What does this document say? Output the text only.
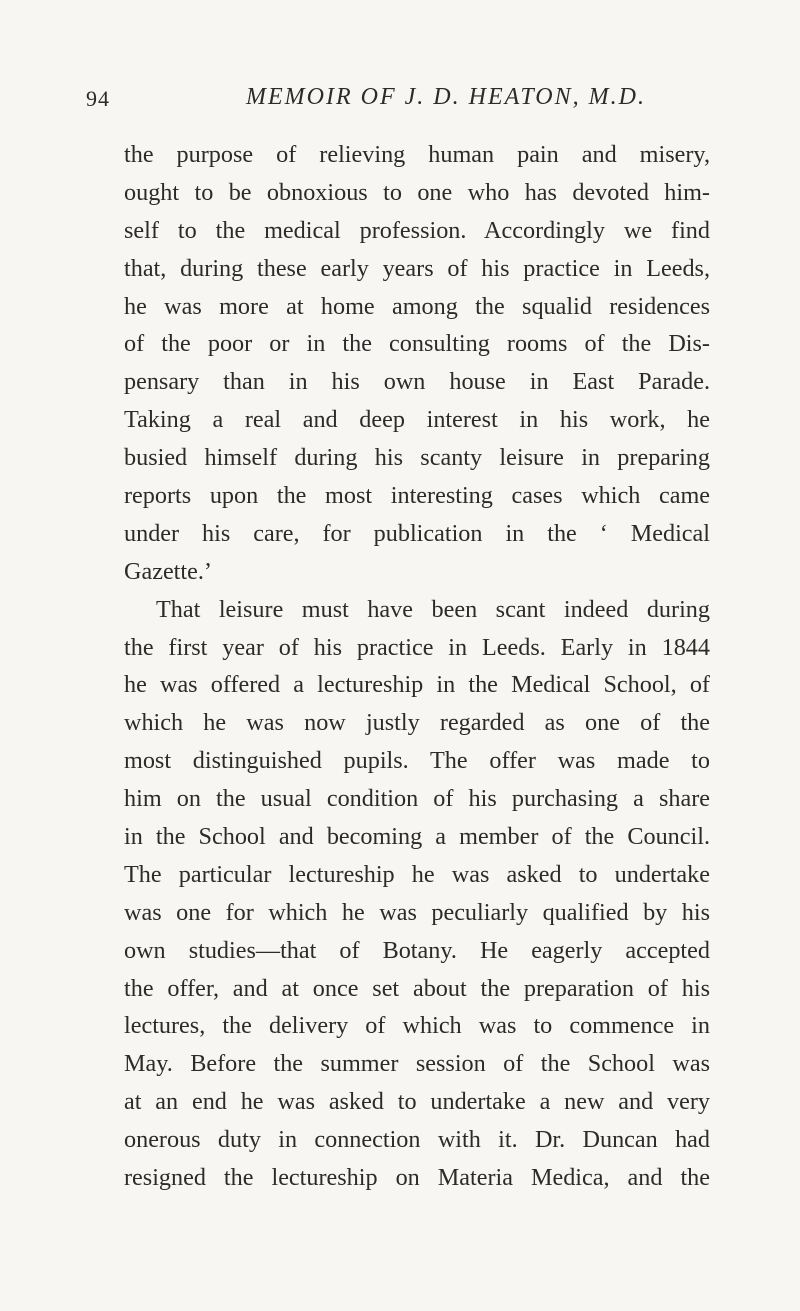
94	MEMOIR OF J. D. HEATON, M.D.
the purpose of relieving human pain and misery,
ought to be obnoxious to one who has devoted him-
self to the medical profession. Accordingly we find
that, during these early years of his practice in Leeds,
he was more at home among the squalid residences
of the poor or in the consulting rooms of the Dis-
pensary than in his own house in East Parade.
Taking a real and deep interest in his work, he
busied himself during his scanty leisure in preparing
reports upon the most interesting cases which came
under his care, for publication in the ‘ Medical
Gazette.’
That leisure must have been scant indeed during
the first year of his practice in Leeds. Early in 1844
he was offered a lectureship in the Medical School, of
which he was now justly regarded as one of the
most distinguished pupils. The offer was made to
him on the usual condition of his purchasing a share
in the School and becoming a member of the Council.
The particular lectureship he was asked to undertake
was one for which he was peculiarly qualified by his
own studies—that of Botany. He eagerly accepted
the offer, and at once set about the preparation of his
lectures, the delivery of which was to commence in
May. Before the summer session of the School was
at an end he was asked to undertake a new and very
onerous duty in connection with it. Dr. Duncan had
resigned the lectureship on Materia Medica, and the
